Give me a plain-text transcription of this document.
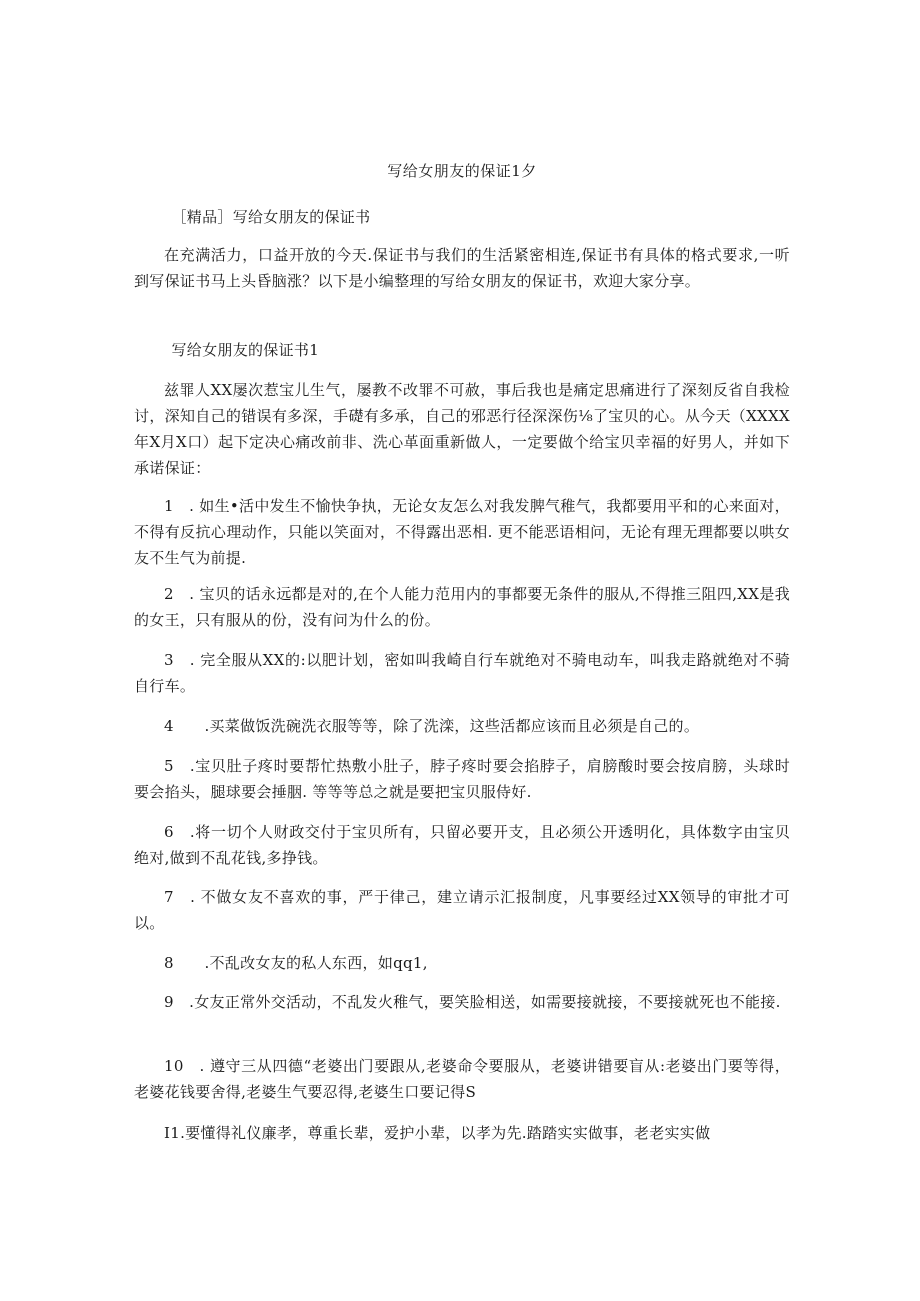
写给女朋友的保证1夕

［精品］写给女朋友的保证书

在充满活力，口益开放的今天.保证书与我们的生活紧密相连,保证书有具体的格式要求,一听到写保证书马上头昏脑涨？以下是小编整理的写给女朋友的保证书，欢迎大家分享。

写给女朋友的保证书1

兹罪人XX屡次惹宝儿生气，屡教不改罪不可赦，事后我也是痛定思痛进行了深刻反省自我检讨，深知自己的错误有多深，手礎有多承，自己的邪恶行径深深伤⅛了宝贝的心。从今天（XXXX年X月X口）起下定决心痛改前非、洗心革面重新做人，一定要做个给宝贝幸福的好男人，并如下承诺保证：

1　. 如生•活中发生不愉快争执，无论女友怎么对我发脾气稚气，我都要用平和的心来面对，不得有反抗心理动作，只能以笑面对，不得露出恶相. 更不能恶语相问，无论有理无理都要以哄女友不生气为前提.

2　. 宝贝的话永远都是对的,在个人能力范用内的事都要无条件的服从,不得推三阻四,XX是我的女王，只有服从的份，没有问为什么的份。

3　. 完全服从XX的:以肥计划，密如叫我崎自行车就绝对不骑电动车，叫我走路就绝对不骑自行车。

4　　.买菜做饭洗碗洗衣服等等，除了洗滦，这些活都应该而且必须是自己的。

5　.宝贝肚子疼时要帮忙热敷小肚子，脖子疼时要会掐脖子，肩膀酸时要会按肩膀，头球时要会掐头，腿球要会捶胭. 等等等总之就是要把宝贝服侍好.

6　.将一切个人财政交付于宝贝所有，只留必要开支，且必须公开透明化，具体数字由宝贝绝对,做到不乱花钱,多挣钱。

7　. 不做女友不喜欢的事，严于律己，建立请示汇报制度，凡事要经过XX领导的审批才可以。

8　　.不乱改女友的私人东西，如qq1,

9　.女友正常外交活动，不乱发火稚气，要笑脸相送，如需要接就接，不要接就死也不能接.

10　. 遵守三从四德“老婆出门要跟从,老婆命令要服从，老婆讲错要盲从:老婆出门要等得，老婆花钱要舍得,老婆生气要忍得,老婆生口要记得S

I1.要懂得礼仪廉孝，尊重长辈，爱护小辈，以孝为先.踏踏实实做事，老老实实做
